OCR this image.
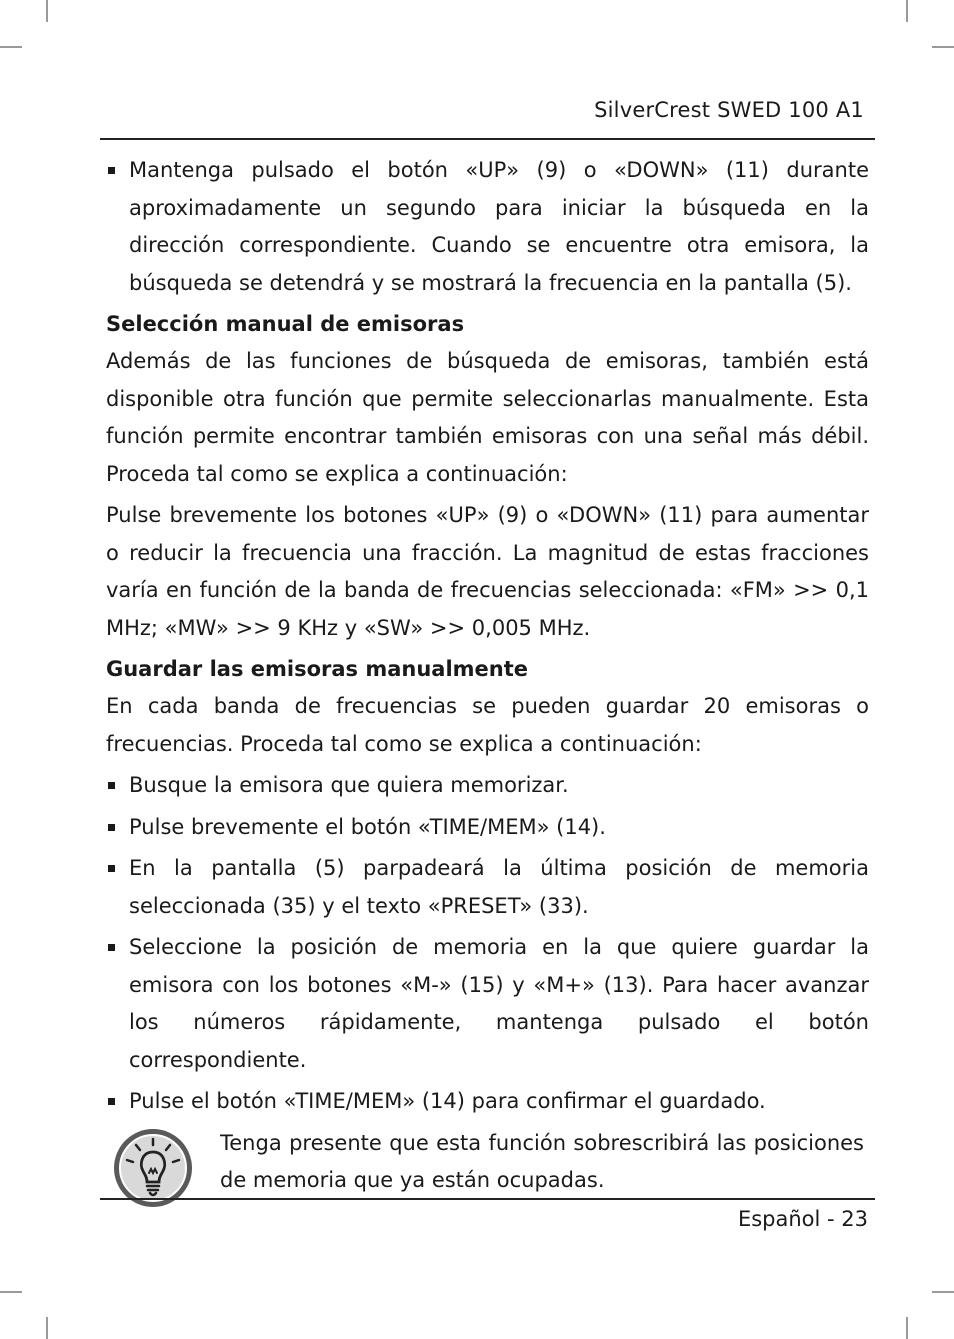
SilverCrest SWED 100 A1
Mantenga pulsado el botón «UP» (9) o «DOWN» (11) durante aproximadamente un segundo para iniciar la búsqueda en la dirección correspondiente. Cuando se encuentre otra emisora, la búsqueda se detendrá y se mostrará la frecuencia en la pantalla (5).
Selección manual de emisoras

Además de las funciones de búsqueda de emisoras, también está disponible otra función que permite seleccionarlas manualmente. Esta función permite encontrar también emisoras con una señal más débil. Proceda tal como se explica a continuación:

Pulse brevemente los botones «UP» (9) o «DOWN» (11) para aumentar o reducir la frecuencia una fracción. La magnitud de estas fracciones varía en función de la banda de frecuencias seleccionada: «FM» >> 0,1 MHz; «MW» >> 9 KHz y «SW» >> 0,005 MHz.

Guardar las emisoras manualmente

En cada banda de frecuencias se pueden guardar 20 emisoras o frecuencias. Proceda tal como se explica a continuación:

Busque la emisora que quiera memorizar.
Pulse brevemente el botón «TIME/MEM» (14).
En la pantalla (5) parpadeará la última posición de memoria seleccionada (35) y el texto «PRESET» (33).
Seleccione la posición de memoria en la que quiere guardar la emisora con los botones «M-» (15) y «M+» (13). Para hacer avanzar los números rápidamente, mantenga pulsado el botón correspondiente.
Pulse el botón «TIME/MEM» (14) para confirmar el guardado.
Tenga presente que esta función sobrescribirá las posiciones de memoria que ya están ocupadas.
Español - 23
